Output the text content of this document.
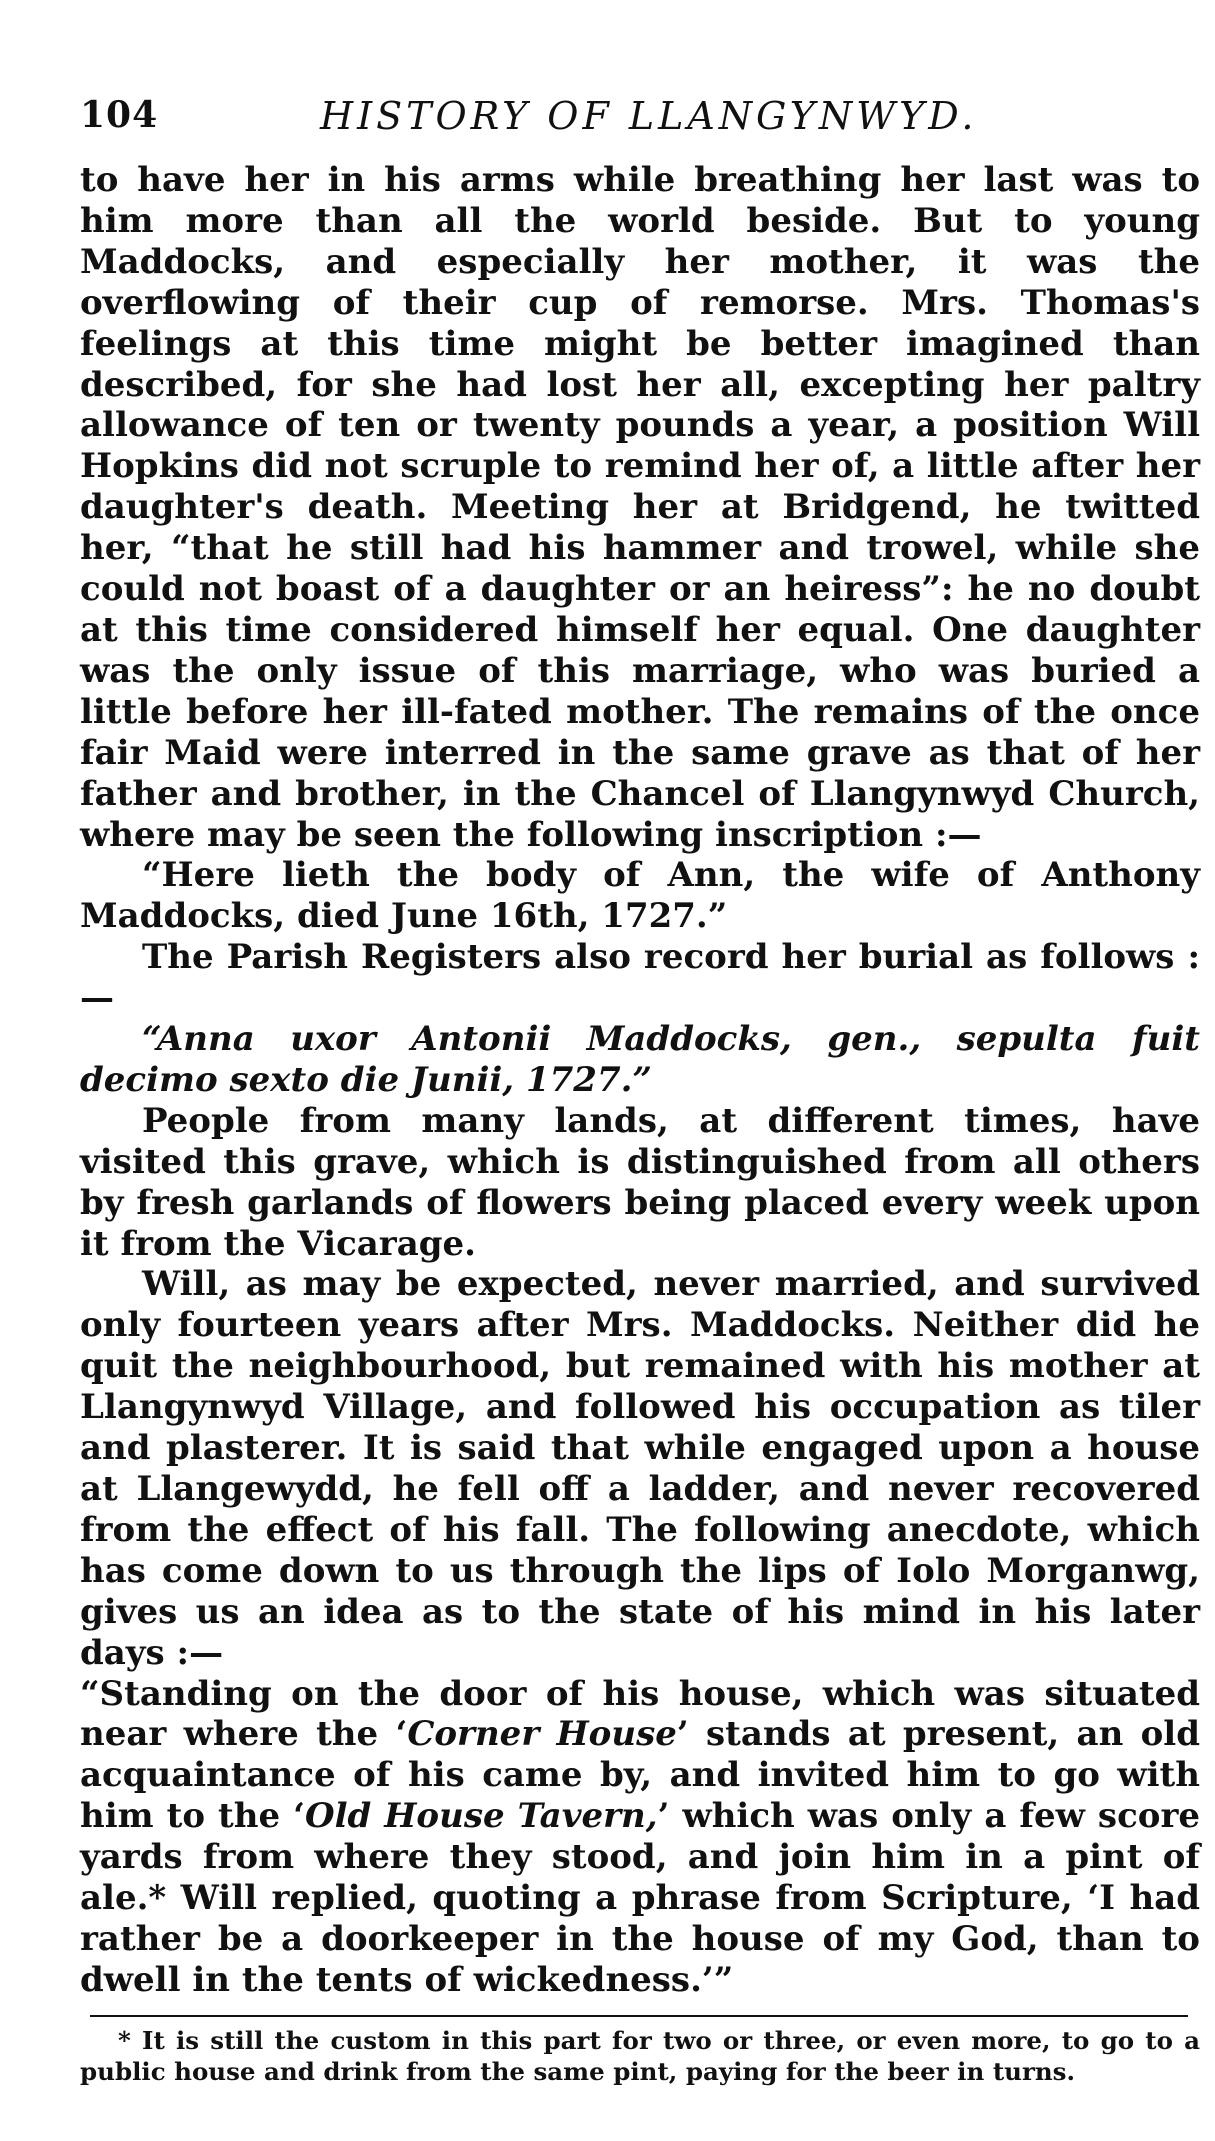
104	HISTORY OF LLANGYNWYD.

to have her in his arms while breathing her last was to him more than all the world beside. But to young Maddocks, and especially her mother, it was the overflowing of their cup of remorse. Mrs. Thomas's feelings at this time might be better imagined than described, for she had lost her all, excepting her paltry allowance of ten or twenty pounds a year, a position Will Hopkins did not scruple to remind her of, a little after her daughter's death. Meeting her at Bridgend, he twitted her, “that he still had his hammer and trowel, while she could not boast of a daughter or an heiress”: he no doubt at this time considered himself her equal. One daughter was the only issue of this marriage, who was buried a little before her ill-fated mother. The remains of the once fair Maid were interred in the same grave as that of her father and brother, in the Chancel of Llangynwyd Church, where may be seen the following inscription :—

“Here lieth the body of Ann, the wife of Anthony Maddocks, died June 16th, 1727.”

The Parish Registers also record her burial as follows :—

“Anna uxor Antonii Maddocks, gen., sepulta fuit decimo sexto die Junii, 1727.”

People from many lands, at different times, have visited this grave, which is distinguished from all others by fresh garlands of flowers being placed every week upon it from the Vicarage.

Will, as may be expected, never married, and survived only fourteen years after Mrs. Maddocks. Neither did he quit the neighbourhood, but remained with his mother at Llangynwyd Village, and followed his occupation as tiler and plasterer. It is said that while engaged upon a house at Llangewydd, he fell off a ladder, and never recovered from the effect of his fall. The following anecdote, which has come down to us through the lips of Iolo Morganwg, gives us an idea as to the state of his mind in his later days :—

“Standing on the door of his house, which was situated near where the ‘Corner House’ stands at present, an old acquaintance of his came by, and invited him to go with him to the ‘Old House Tavern,’ which was only a few score yards from where they stood, and join him in a pint of ale.* Will replied, quoting a phrase from Scripture, ‘I had rather be a doorkeeper in the house of my God, than to dwell in the tents of wickedness.’”

* It is still the custom in this part for two or three, or even more, to go to a public house and drink from the same pint, paying for the beer in turns.
